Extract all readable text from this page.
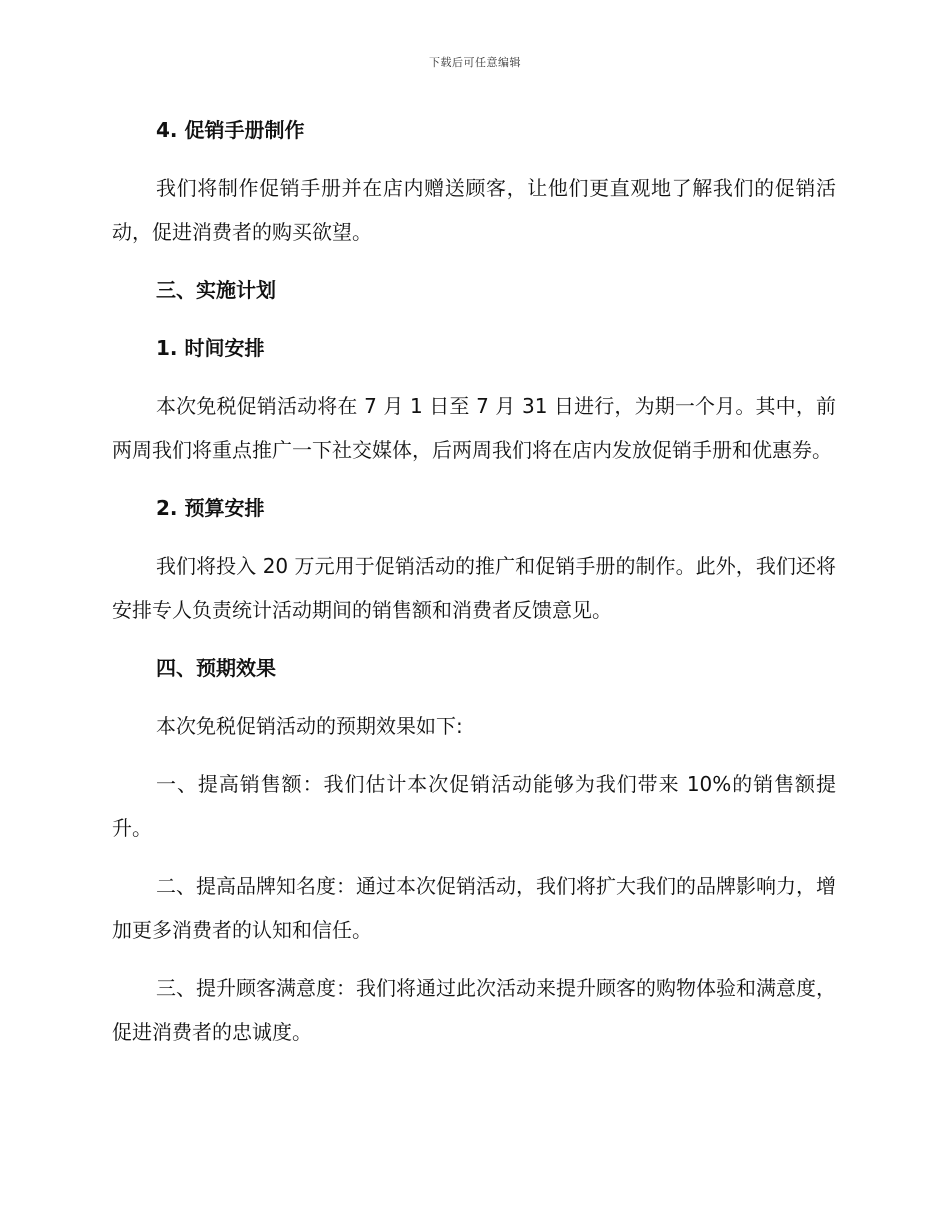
下载后可任意编辑

4. 促销手册制作

我们将制作促销手册并在店内赠送顾客，让他们更直观地了解我们的促销活动，促进消费者的购买欲望。

三、实施计划

1. 时间安排

本次免税促销活动将在 7 月 1 日至 7 月 31 日进行，为期一个月。其中，前两周我们将重点推广一下社交媒体，后两周我们将在店内发放促销手册和优惠券。

2. 预算安排

我们将投入 20 万元用于促销活动的推广和促销手册的制作。此外，我们还将安排专人负责统计活动期间的销售额和消费者反馈意见。

四、预期效果

本次免税促销活动的预期效果如下:

一、提高销售额：我们估计本次促销活动能够为我们带来 10%的销售额提升。

二、提高品牌知名度：通过本次促销活动，我们将扩大我们的品牌影响力，增加更多消费者的认知和信任。

三、提升顾客满意度：我们将通过此次活动来提升顾客的购物体验和满意度，促进消费者的忠诚度。
